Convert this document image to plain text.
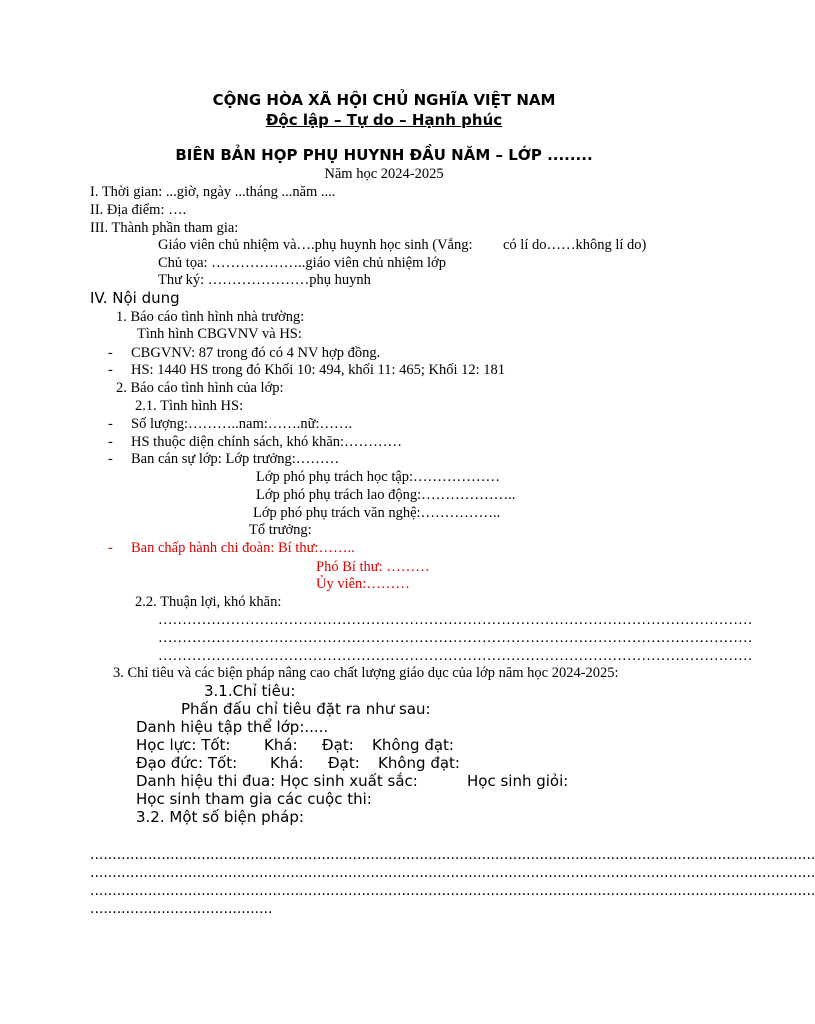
CỘNG HÒA XÃ HỘI CHỦ NGHĨA VIỆT NAM
Độc lập – Tự do – Hạnh phúc
BIÊN BẢN HỌP PHỤ HUYNH ĐẦU NĂM – LỚP ........
Năm học 2024-2025
I. Thời gian: ...giờ, ngày ...tháng ...năm ....
II. Địa điểm: ….
III. Thành phần tham gia:
Giáo viên chủ nhiệm và….phụ huynh học sinh (Vắng: có lí do……không lí do)
Chủ tọa: ………………..giáo viên chủ nhiệm lớp
Thư ký: …………………phụ huynh
IV. Nội dung
1. Báo cáo tình hình nhà trường:
Tình hình CBGVNV và HS:
- CBGVNV: 87 trong đó có 4 NV hợp đồng.
- HS: 1440 HS trong đó Khối 10: 494, khối 11: 465; Khối 12: 181
2. Báo cáo tình hình của lớp:
2.1. Tình hình HS:
- Số lượng:………..nam:…….nữ:…….
- HS thuộc diện chính sách, khó khăn:…………
- Ban cán sự lớp: Lớp trưởng:………
Lớp phó phụ trách học tập:………………
Lớp phó phụ trách lao động:………………..
Lớp phó phụ trách văn nghệ:……………..
Tổ trưởng:
- Ban chấp hành chi đoàn: Bí thư:……..
Phó Bí thư: ………
Ủy viên:………
2.2. Thuận lợi, khó khăn:
……………………………………………………………………………………………………………
……………………………………………………………………………………………………………
……………………………………………………………………………………………………………
3. Chỉ tiêu và các biện pháp nâng cao chất lượng giáo dục của lớp năm học 2024-2025:
3.1.Chỉ tiêu:
Phấn đấu chỉ tiêu đặt ra như sau:
Danh hiệu tập thể lớp:.....
Học lực: Tốt: Khá: Đạt: Không đạt:
Đạo đức: Tốt: Khá: Đạt: Không đạt:
Danh hiệu thi đua: Học sinh xuất sắc:	Học sinh giỏi:
Học sinh tham gia các cuộc thi:
3.2. Một số biện pháp:
...................................................................................................................................................................
...................................................................................................................................................................
...................................................................................................................................................................
.........................................
